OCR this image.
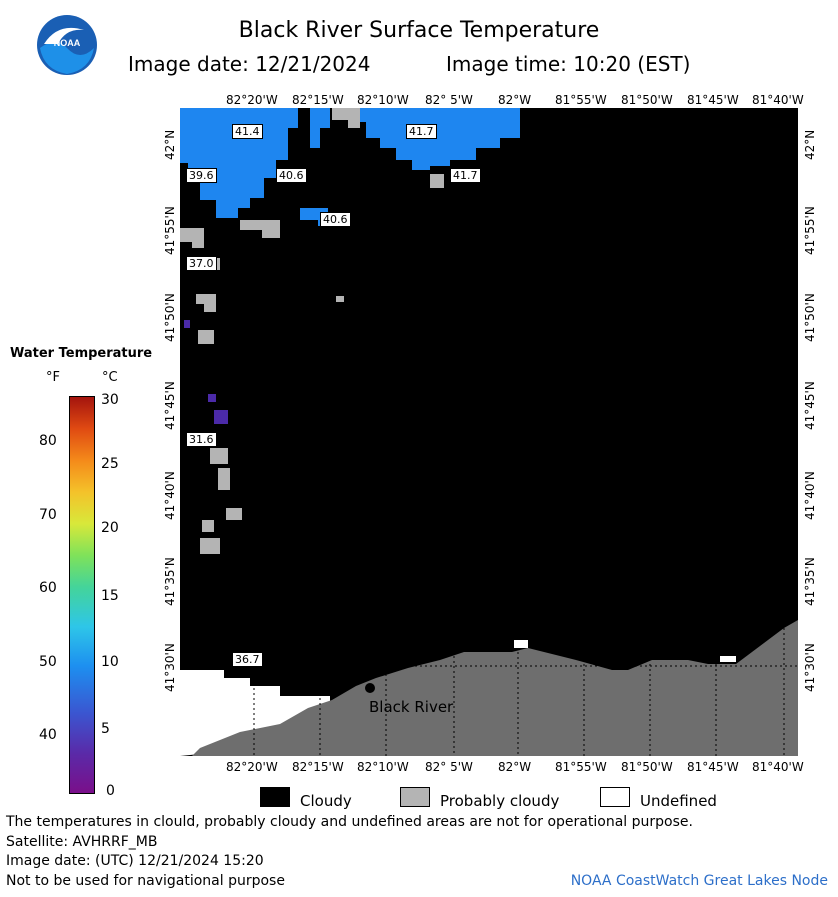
NOAA	Black River Surface Temperature
Image date: 12/21/2024	Image time: 10:20 (EST)
82°20'W 82°15'W 82°10'W 82° 5'W 82°W 81°55'W 81°50'W 81°45'W 81°40'W
82°20'W 82°15'W 82°10'W 82° 5'W 82°W 81°55'W 81°50'W 81°45'W 81°40'W
42°N
41°55'N
41°50'N
41°45'N
41°40'N
41°35'N
41°30'N
42°N
41°55'N
41°50'N
41°45'N
41°40'N
41°35'N
41°30'N
41.4	41.7
39.6	40.6	41.7
40.6
37.0
31.6
36.7
Black River
Water Temperature
°F	°C
80
70
60
50
40
30
25
20
15
10
5
0
Cloudy	Probably cloudy	Undefined
The temperatures in clould, probably cloudy and undefined areas are not for operational purpose.
Satellite: AVHRRF_MB
Image date: (UTC) 12/21/2024 15:20
Not to be used for navigational purpose	NOAA CoastWatch Great Lakes Node
